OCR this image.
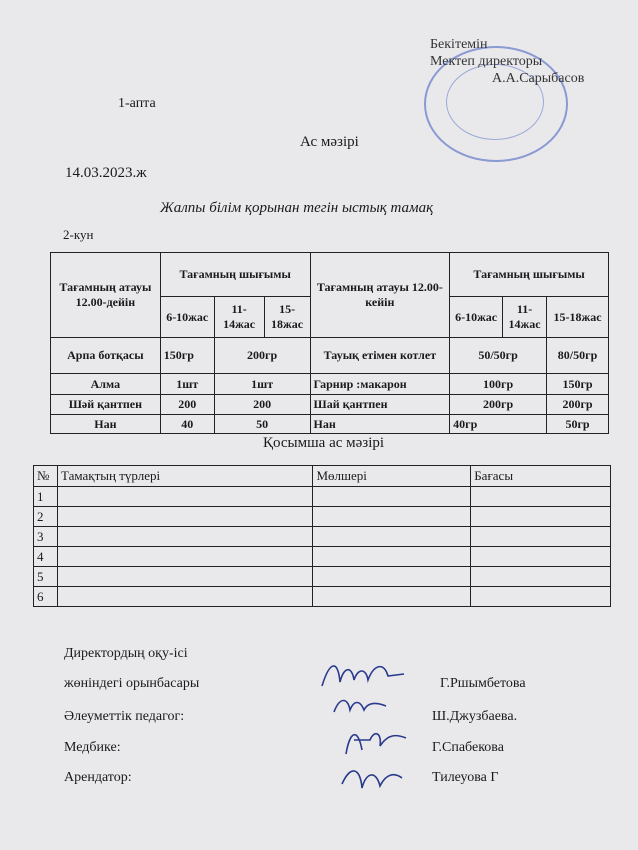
Бекітемін
Мектеп директоры
А.А.Сарыбасов
1-апта
Ас мәзірі
14.03.2023.ж
Жалпы білім қорынан тегін ыстық тамақ
2-кун
Тағамның атауы 12.00-дейін	Тағамның шығымы			Тағамның атауы 12.00-кейін	Тағамның шығымы		
	6-10жас	11-14жас	15-18жас		6-10жас	11-14жас	15-18жас
Арпа ботқасы	150гр	200гр		Тауық етімен котлет	50/50гр		80/50гр
Алма	1шт	1шт		Гарнир :макарон	100гр		150гр
Шәй қантпен	200	200		Шай қантпен	200гр		200гр
Нан	40	50		Нан	40гр		50гр
Қосымша ас мәзірі
№	Тамақтың түрлері	Мөлшері	Бағасы
1			
2			
3			
4			
5			
6			
Директордың оқу-ісі
жөніндегі орынбасары	Г.Ршымбетова
Әлеуметтік педагог:	Ш.Джузбаева.
Медбике:	Г.Спабекова
Арендатор:	Тилеуова Г
